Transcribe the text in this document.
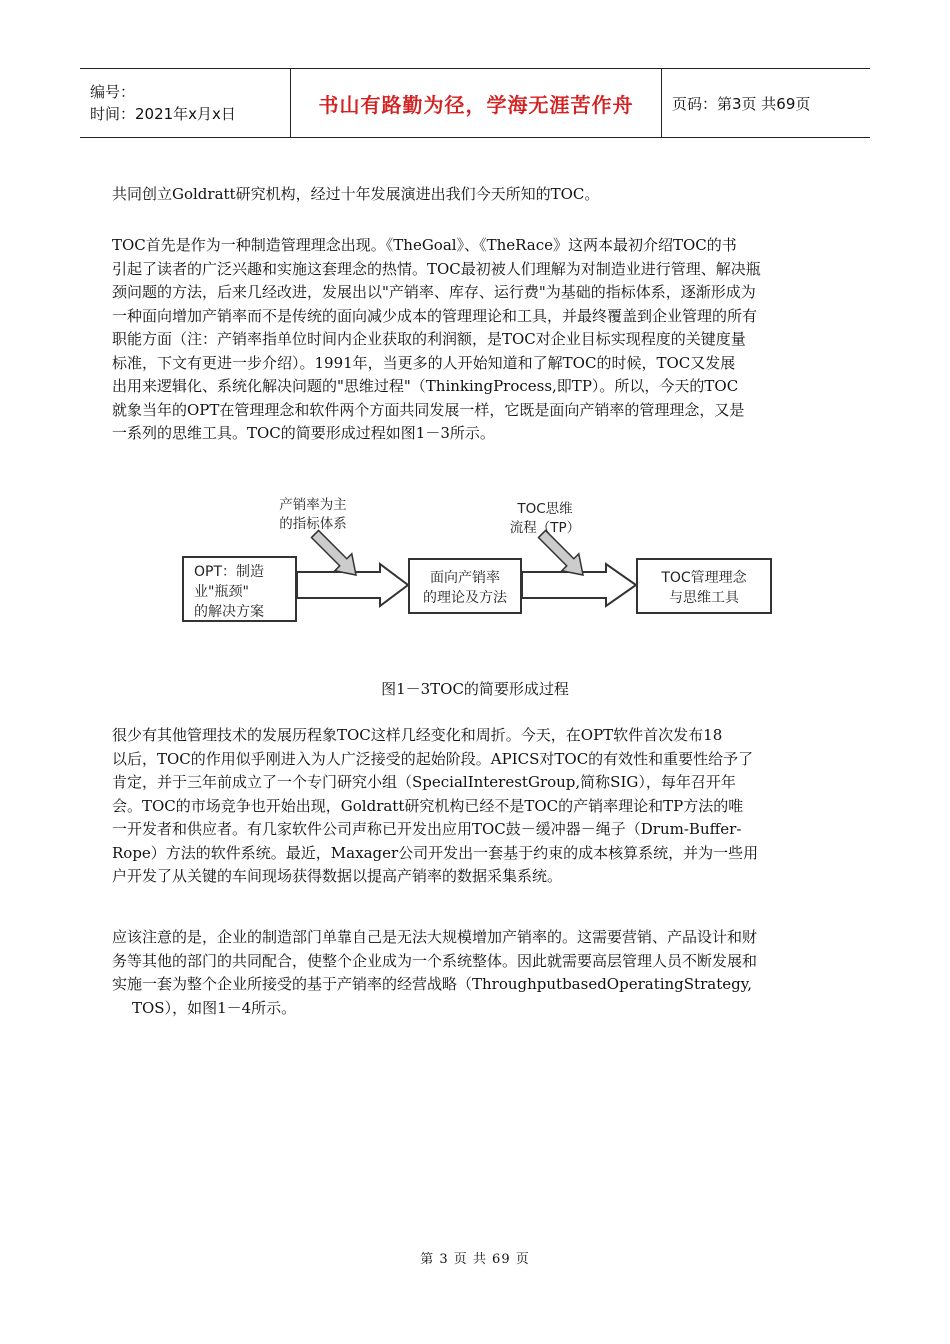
编号：
时间：2021年x月x日	书山有路勤为径，学海无涯苦作舟	页码：第3页 共69页
共同创立Goldratt研究机构，经过十年发展演进出我们今天所知的TOC。
TOC首先是作为一种制造管理理念出现。《TheGoal》、《TheRace》这两本最初介绍TOC的书
引起了读者的广泛兴趣和实施这套理念的热情。TOC最初被人们理解为对制造业进行管理、解决瓶
颈问题的方法，后来几经改进，发展出以"产销率、库存、运行费"为基础的指标体系，逐渐形成为
一种面向增加产销率而不是传统的面向减少成本的管理理论和工具，并最终覆盖到企业管理的所有
职能方面（注：产销率指单位时间内企业获取的利润额，是TOC对企业目标实现程度的关键度量
标准，下文有更进一步介绍）。1991年，当更多的人开始知道和了解TOC的时候，TOC又发展
出用来逻辑化、系统化解决问题的"思维过程"（ThinkingProcess,即TP）。所以，今天的TOC
就象当年的OPT在管理理念和软件两个方面共同发展一样，它既是面向产销率的管理理念，又是
一系列的思维工具。TOC的简要形成过程如图1－3所示。
产销率为主
的指标体系
TOC思维
流程（TP）
OPT：制造
业"瓶颈"
的解决方案
面向产销率
的理论及方法
TOC管理理念
与思维工具
图1－3TOC的简要形成过程
很少有其他管理技术的发展历程象TOC这样几经变化和周折。今天，在OPT软件首次发布18
以后，TOC的作用似乎刚进入为人广泛接受的起始阶段。APICS对TOC的有效性和重要性给予了
肯定，并于三年前成立了一个专门研究小组（SpecialInterestGroup,简称SIG），每年召开年
会。TOC的市场竞争也开始出现，Goldratt研究机构已经不是TOC的产销率理论和TP方法的唯
一开发者和供应者。有几家软件公司声称已开发出应用TOC鼓－缓冲器－绳子（Drum-Buffer-
Rope）方法的软件系统。最近，Maxager公司开发出一套基于约束的成本核算系统，并为一些用
户开发了从关键的车间现场获得数据以提高产销率的数据采集系统。
应该注意的是，企业的制造部门单靠自己是无法大规模增加产销率的。这需要营销、产品设计和财
务等其他的部门的共同配合，使整个企业成为一个系统整体。因此就需要高层管理人员不断发展和
实施一套为整个企业所接受的基于产销率的经营战略（ThroughputbasedOperatingStrategy,
TOS），如图1－4所示。
第 3 页 共 69 页
